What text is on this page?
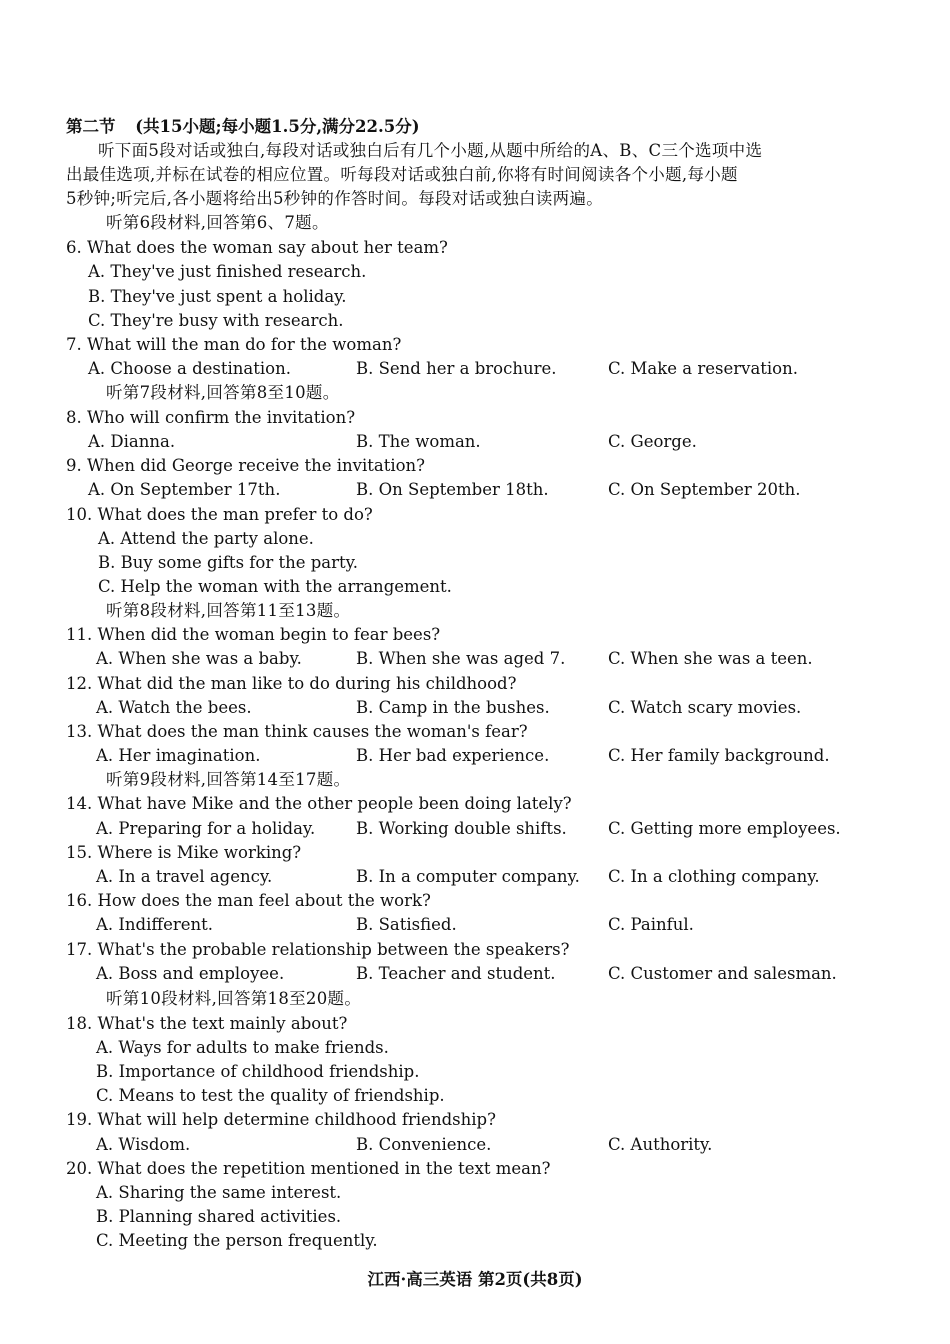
第二节 (共15小题;每小题1.5分,满分22.5分)
听下面5段对话或独白,每段对话或独白后有几个小题,从题中所给的A、B、C三个选项中选
出最佳选项,并标在试卷的相应位置。听每段对话或独白前,你将有时间阅读各个小题,每小题
5秒钟;听完后,各小题将给出5秒钟的作答时间。每段对话或独白读两遍。
听第6段材料,回答第6、7题。
6. What does the woman say about her team?
A. They've just finished research.
B. They've just spent a holiday.
C. They're busy with research.
7. What will the man do for the woman?
A. Choose a destination.	B. Send her a brochure.	C. Make a reservation.
听第7段材料,回答第8至10题。
8. Who will confirm the invitation?
A. Dianna.	B. The woman.	C. George.
9. When did George receive the invitation?
A. On September 17th.	B. On September 18th.	C. On September 20th.
10. What does the man prefer to do?
A. Attend the party alone.
B. Buy some gifts for the party.
C. Help the woman with the arrangement.
听第8段材料,回答第11至13题。
11. When did the woman begin to fear bees?
A. When she was a baby.	B. When she was aged 7.	C. When she was a teen.
12. What did the man like to do during his childhood?
A. Watch the bees.	B. Camp in the bushes.	C. Watch scary movies.
13. What does the man think causes the woman's fear?
A. Her imagination.	B. Her bad experience.	C. Her family background.
听第9段材料,回答第14至17题。
14. What have Mike and the other people been doing lately?
A. Preparing for a holiday. B. Working double shifts. C. Getting more employees.
15. Where is Mike working?
A. In a travel agency.	B. In a computer company. C. In a clothing company.
16. How does the man feel about the work?
A. Indifferent.	B. Satisfied.	C. Painful.
17. What's the probable relationship between the speakers?
A. Boss and employee.	B. Teacher and student.	C. Customer and salesman.
听第10段材料,回答第18至20题。
18. What's the text mainly about?
A. Ways for adults to make friends.
B. Importance of childhood friendship.
C. Means to test the quality of friendship.
19. What will help determine childhood friendship?
A. Wisdom.	B. Convenience.	C. Authority.
20. What does the repetition mentioned in the text mean?
A. Sharing the same interest.
B. Planning shared activities.
C. Meeting the person frequently.
江西·高三英语 第2页(共8页)
